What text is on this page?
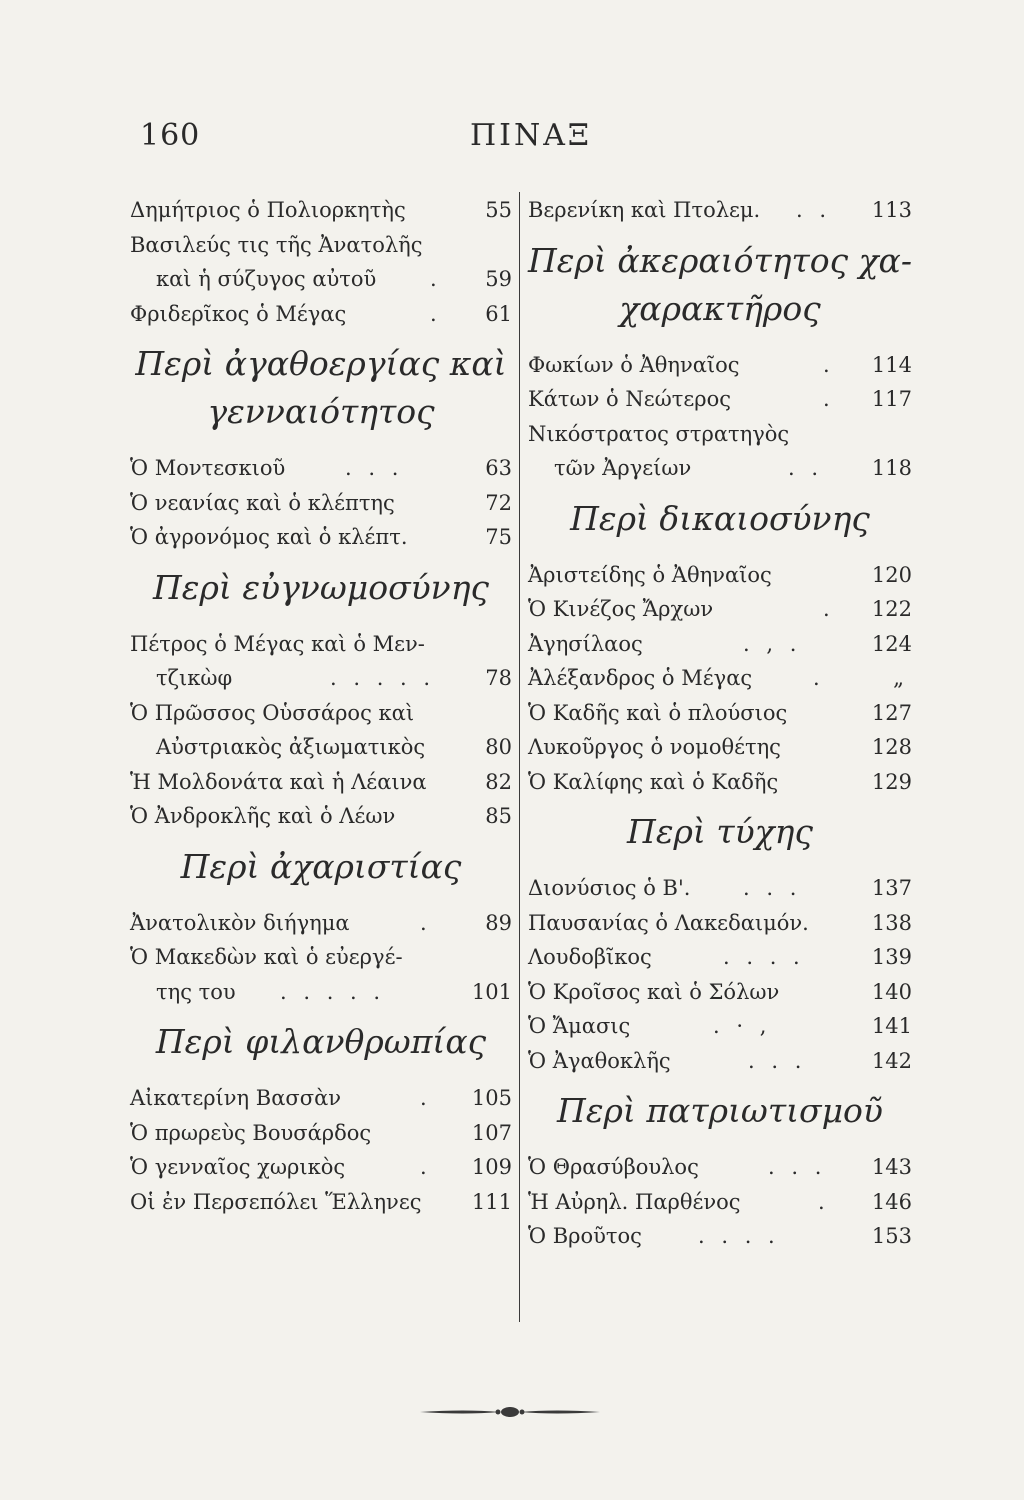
160	ΠΙΝΑΞ
Δημήτριος ὁ Πολιορκητὴς	55
Βασιλεύς τις τῆς Ἀνατολῆς
καὶ ἡ σύζυγος αὐτοῦ	. 59
Φριδερῖκος ὁ Μέγας	. 61
Περὶ ἀγαθοεργίας καὶ
γενναιότητος
Ὁ Μοντεσκιοῦ	. . .	63
Ὁ νεανίας καὶ ὁ κλέπτης	72
Ὁ ἀγρονόμος καὶ ὁ κλέπτ.	75
Περὶ εὐγνωμοσύνης
Πέτρος ὁ Μέγας καὶ ὁ Μεν-
τζικὼφ	. . . . . 78
Ὁ Πρῶσσος Οὑσσάρος καὶ
Αὐστριακὸς ἀξιωματικὸς	80
Ἡ Μολδονάτα καὶ ἡ Λέαινα	82
Ὁ Ἀνδροκλῆς καὶ ὁ Λέων	85
Περὶ ἀχαριστίας
Ἀνατολικὸν διήγημα	.	89
Ὁ Μακεδὼν καὶ ὁ εὐεργέ-
της του . . . . .	101
Περὶ φιλανθρωπίας
Αἰκατερίνη Βασσὰν	. 105
Ὁ πρωρεὺς Βουσάρδος	107
Ὁ γενναῖος χωρικὸς	. 109
Οἱ ἐν Περσεπόλει Ἕλληνες 111
Βερενίκη καὶ Πτολεμ. . . 113
Περὶ ἀκεραιότητος χα-
χαρακτῆρος
Φωκίων ὁ Ἀθηναῖος	. 114
Κάτων ὁ Νεώτερος	. 117
Νικόστρατος στρατηγὸς
τῶν Ἀργείων	. . 118
Περὶ δικαιοσύνης
Ἀριστείδης ὁ Ἀθηναῖος	120
Ὁ Κινέζος Ἄρχων	. 122
Ἀγησίλαος	. , .	124
Ἀλέξανδρος ὁ Μέγας	.	„
Ὁ Καδῆς καὶ ὁ πλούσιος	127
Λυκοῦργος ὁ νομοθέτης	128
Ὁ Καλίφης καὶ ὁ Καδῆς	129
Περὶ τύχης
Διονύσιος ὁ Β'.	. . .	137
Παυσανίας ὁ Λακεδαιμόν.	138
Λουδοβῖκος	. . . .	139
Ὁ Κροῖσος καὶ ὁ Σόλων	140
Ὁ Ἄμασις	. · ,	141
Ὁ Ἀγαθοκλῆς	. . .	142
Περὶ πατριωτισμοῦ
Ὁ Θρασύβουλος	. . . 143
Ἡ Αὐρηλ. Παρθένος	. 146
Ὁ Βροῦτος	. . . .	153
